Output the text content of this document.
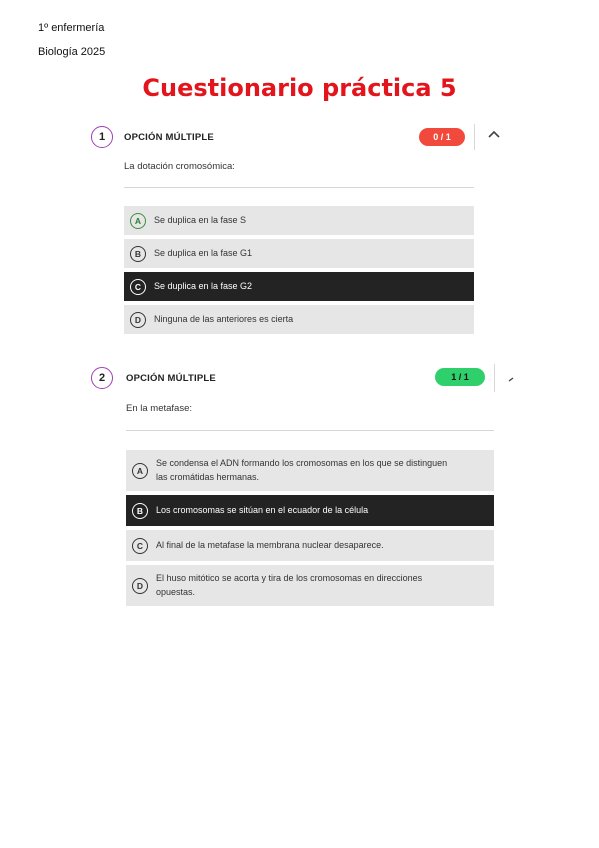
1º enfermería
Biología 2025
Cuestionario práctica 5
1	OPCIÓN MÚLTIPLE	0 / 1
La dotación cromosómica:
A	Se duplica en la fase S
B	Se duplica en la fase G1
C	Se duplica en la fase G2
D	Ninguna de las anteriores es cierta
2	OPCIÓN MÚLTIPLE	1 / 1
En la metafase:
A
Se condensa el ADN formando los cromosomas en los que se distinguen las cromátidas hermanas.
B	Los cromosomas se sitúan en el ecuador de la célula
C	Al final de la metafase la membrana nuclear desaparece.
D
El huso mitótico se acorta y tira de los cromosomas en direcciones opuestas.
